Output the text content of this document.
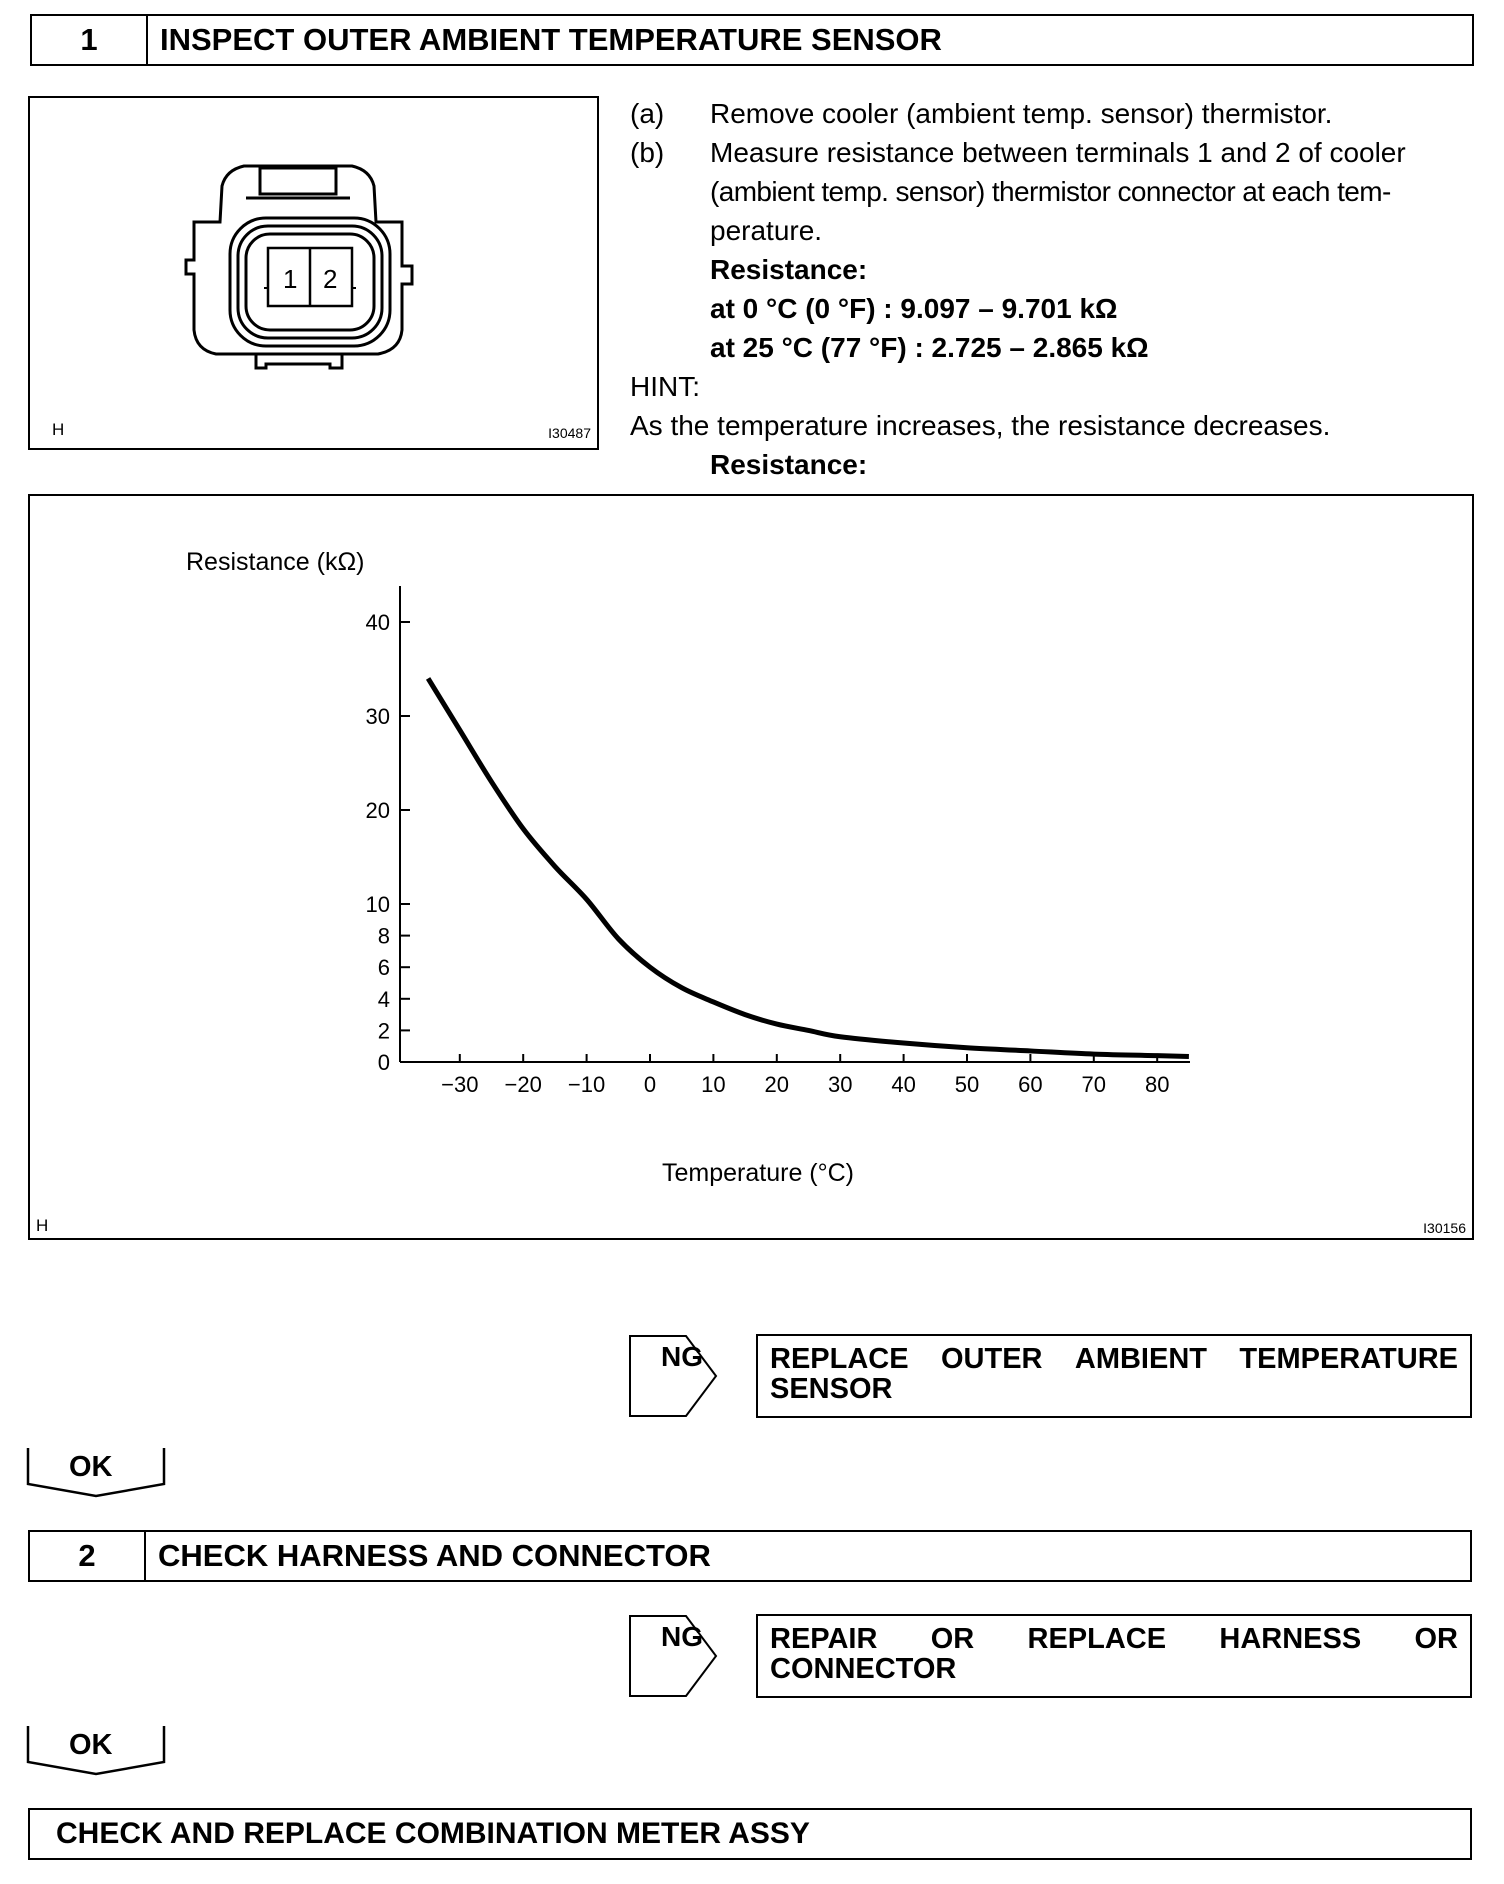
1	INSPECT OUTER AMBIENT TEMPERATURE SENSOR
1 2
H	I30487
(a)	Remove cooler (ambient temp. sensor) thermistor.
(b)	Measure resistance between terminals 1 and 2 of cooler
(ambient temp. sensor) thermistor connector at each tem-
perature.
Resistance:
at 0 °C (0 °F) : 9.097 – 9.701 kΩ
at 25 °C (77 °F) : 2.725 – 2.865 kΩ
HINT:
As the temperature increases, the resistance decreases.
Resistance:
Resistance (kΩ)
Temperature (°C)
0
2
4
6
8
10
20
30
40
−30 −20 −10 0 10 20 30 40 50 60 70 80
H	I30156
NG REPLACE OUTER AMBIENT TEMPERATURE
SENSOR
OK
2	CHECK HARNESS AND CONNECTOR
NG REPAIR OR REPLACE HARNESS OR
CONNECTOR
OK
CHECK AND REPLACE COMBINATION METER ASSY
